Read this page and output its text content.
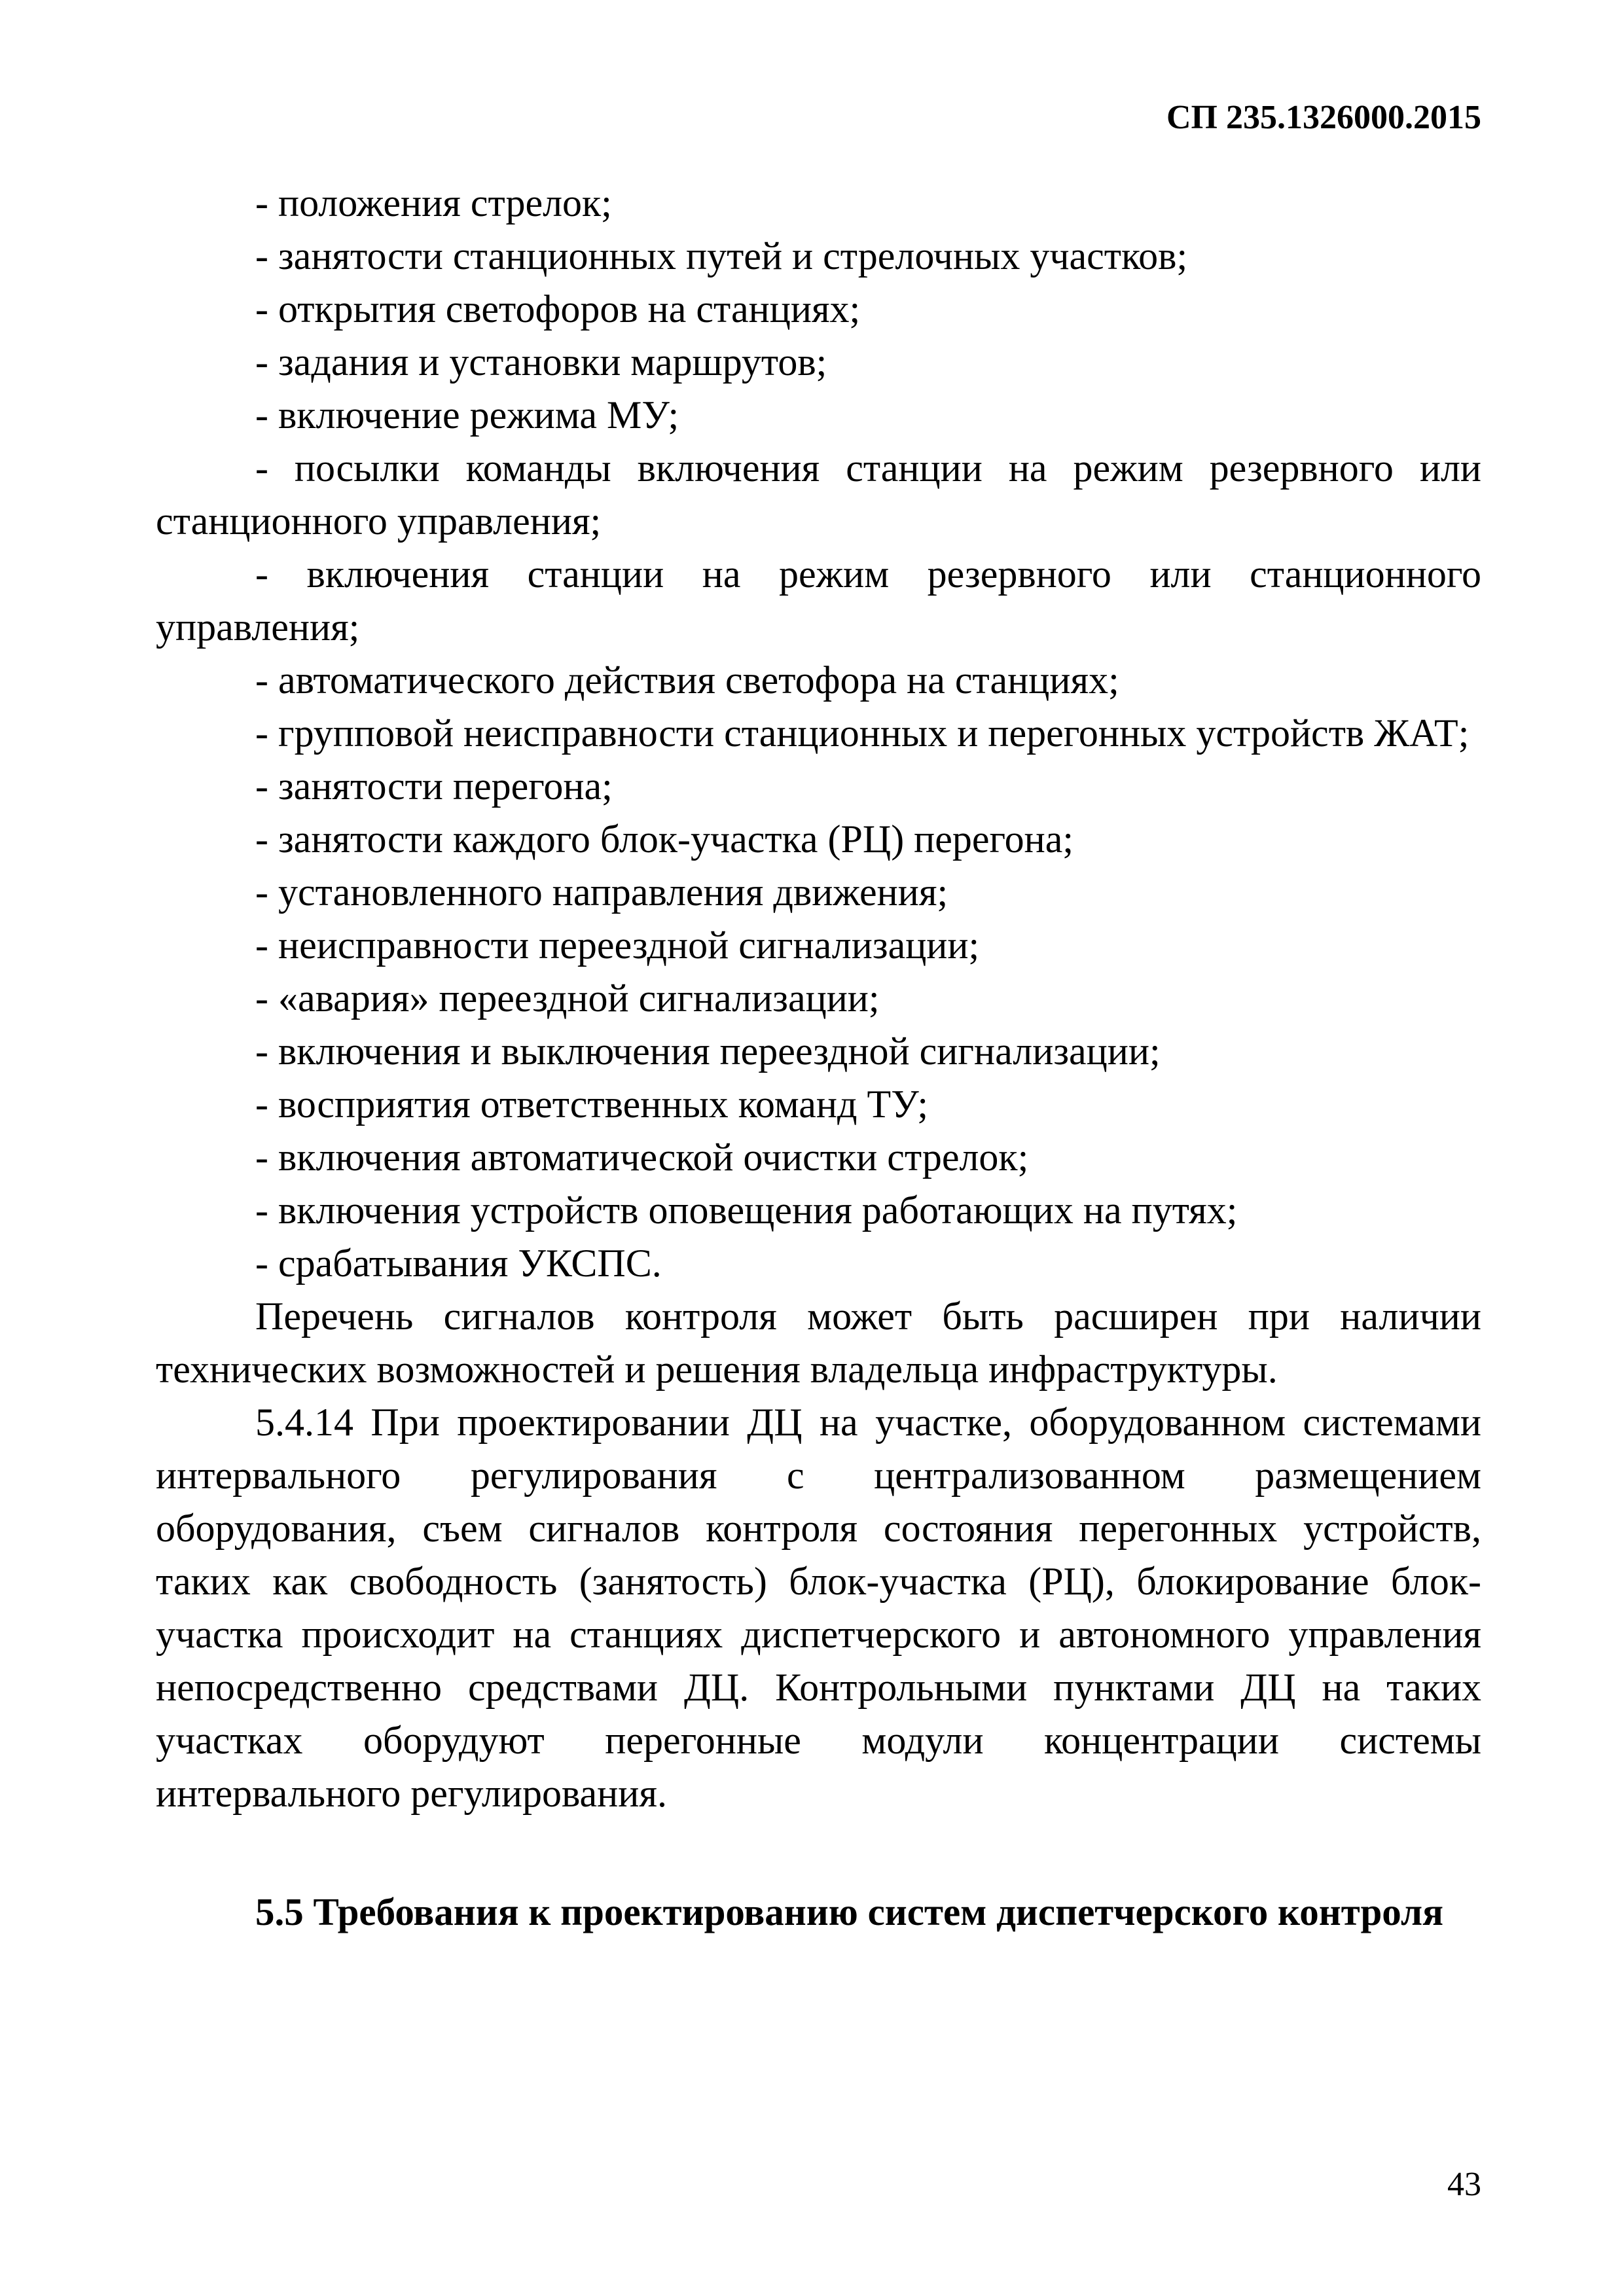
СП 235.1326000.2015

- положения стрелок;

- занятости станционных путей и стрелочных участков;

- открытия светофоров на станциях;

- задания и установки маршрутов;

- включение режима МУ;

- посылки команды включения станции на режим резервного или станционного управления;

- включения станции на режим резервного или станционного управления;

- автоматического действия светофора на станциях;

- групповой неисправности станционных и перегонных устройств ЖАТ;

- занятости перегона;

- занятости каждого блок-участка (РЦ) перегона;

- установленного направления движения;

- неисправности переездной сигнализации;

- «авария» переездной сигнализации;

- включения и выключения переездной сигнализации;

- восприятия ответственных команд ТУ;

- включения автоматической очистки стрелок;

- включения устройств оповещения работающих на путях;

- срабатывания УКСПС.

Перечень сигналов контроля может быть расширен при наличии технических возможностей и решения владельца инфраструктуры.

5.4.14 При проектировании ДЦ на участке, оборудованном системами интервального регулирования с централизованном размещением оборудования, съем сигналов контроля состояния перегонных устройств, таких как свободность (занятость) блок-участка (РЦ), блокирование блок-участка происходит на станциях диспетчерского и автономного управления непосредственно средствами ДЦ. Контрольными пунктами ДЦ на таких участках оборудуют перегонные модули концентрации системы интервального регулирования.

5.5 Требования к проектированию систем диспетчерского контроля

43
